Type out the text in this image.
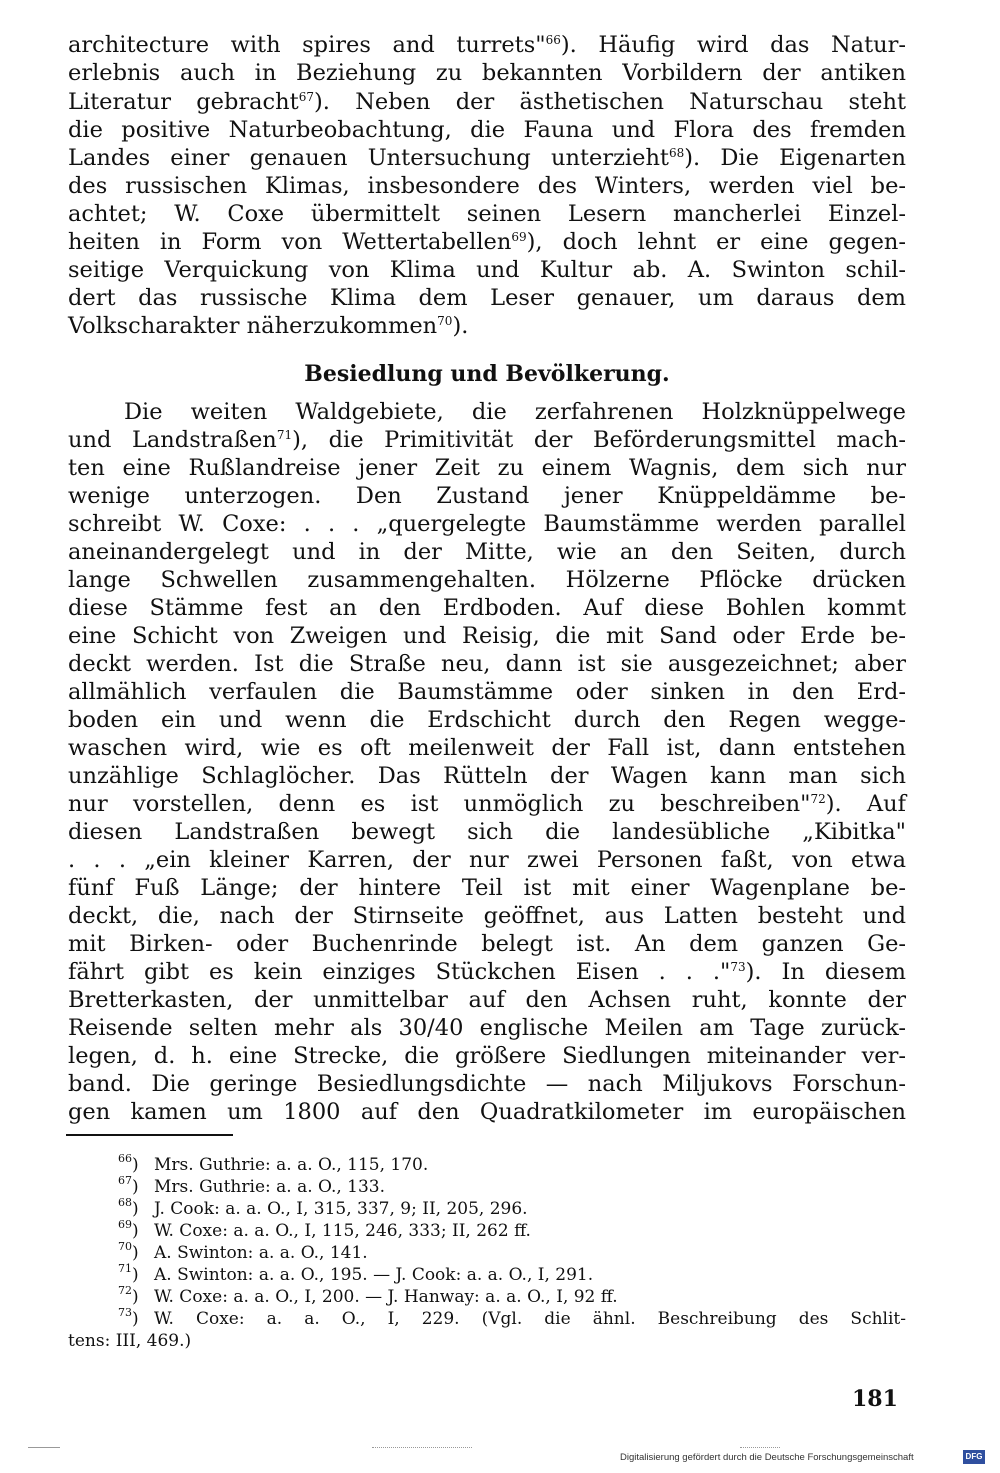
architecture with spires and turrets"$^{66}$). Häufig wird das Natur-
erlebnis auch in Beziehung zu bekannten Vorbildern der antiken
Literatur gebracht$^{67}$). Neben der ästhetischen Naturschau steht
die positive Naturbeobachtung, die Fauna und Flora des fremden
Landes einer genauen Untersuchung unterzieht$^{68}$). Die Eigenarten
des russischen Klimas, insbesondere des Winters, werden viel be-
achtet; W. Coxe übermittelt seinen Lesern mancherlei Einzel-
heiten in Form von Wettertabellen$^{69}$), doch lehnt er eine gegen-
seitige Verquickung von Klima und Kultur ab. A. Swinton schil-
dert das russische Klima dem Leser genauer, um daraus dem
Volkscharakter näherzukommen$^{70}$).
Besiedlung und Bevölkerung.
Die weiten Waldgebiete, die zerfahrenen Holzknüppelwege
und Landstraßen$^{71}$), die Primitivität der Beförderungsmittel mach-
ten eine Rußlandreise jener Zeit zu einem Wagnis, dem sich nur
wenige unterzogen. Den Zustand jener Knüppeldämme be-
schreibt W. Coxe: . . . „quergelegte Baumstämme werden parallel
aneinandergelegt und in der Mitte, wie an den Seiten, durch
lange Schwellen zusammengehalten. Hölzerne Pflöcke drücken
diese Stämme fest an den Erdboden. Auf diese Bohlen kommt
eine Schicht von Zweigen und Reisig, die mit Sand oder Erde be-
deckt werden. Ist die Straße neu, dann ist sie ausgezeichnet; aber
allmählich verfaulen die Baumstämme oder sinken in den Erd-
boden ein und wenn die Erdschicht durch den Regen wegge-
waschen wird, wie es oft meilenweit der Fall ist, dann entstehen
unzählige Schlaglöcher. Das Rütteln der Wagen kann man sich
nur vorstellen, denn es ist unmöglich zu beschreiben"$^{72}$). Auf
diesen Landstraßen bewegt sich die landesübliche „Kibitka"
. . . „ein kleiner Karren, der nur zwei Personen faßt, von etwa
fünf Fuß Länge; der hintere Teil ist mit einer Wagenplane be-
deckt, die, nach der Stirnseite geöffnet, aus Latten besteht und
mit Birken- oder Buchenrinde belegt ist. An dem ganzen Ge-
fährt gibt es kein einziges Stückchen Eisen . . ."$^{73}$). In diesem
Bretterkasten, der unmittelbar auf den Achsen ruht, konnte der
Reisende selten mehr als 30/40 englische Meilen am Tage zurück-
legen, d. h. eine Strecke, die größere Siedlungen miteinander ver-
band. Die geringe Besiedlungsdichte — nach Miljukovs Forschun-
gen kamen um 1800 auf den Quadratkilometer im europäischen
$^{66}$) Mrs. Guthrie: a. a. O., 115, 170.
$^{67}$) Mrs. Guthrie: a. a. O., 133.
$^{68}$) J. Cook: a. a. O., I, 315, 337, 9; II, 205, 296.
$^{69}$) W. Coxe: a. a. O., I, 115, 246, 333; II, 262 ff.
$^{70}$) A. Swinton: a. a. O., 141.
$^{71}$) A. Swinton: a. a. O., 195. — J. Cook: a. a. O., I, 291.
$^{72}$) W. Coxe: a. a. O., I, 200. — J. Hanway: a. a. O., I, 92 ff.
$^{73}$) W. Coxe: a. a. O., I, 229. (Vgl. die ähnl. Beschreibung des Schlit-
tens: III, 469.)
181
Digitalisierung gefördert durch die Deutsche Forschungsgemeinschaft	DFG
